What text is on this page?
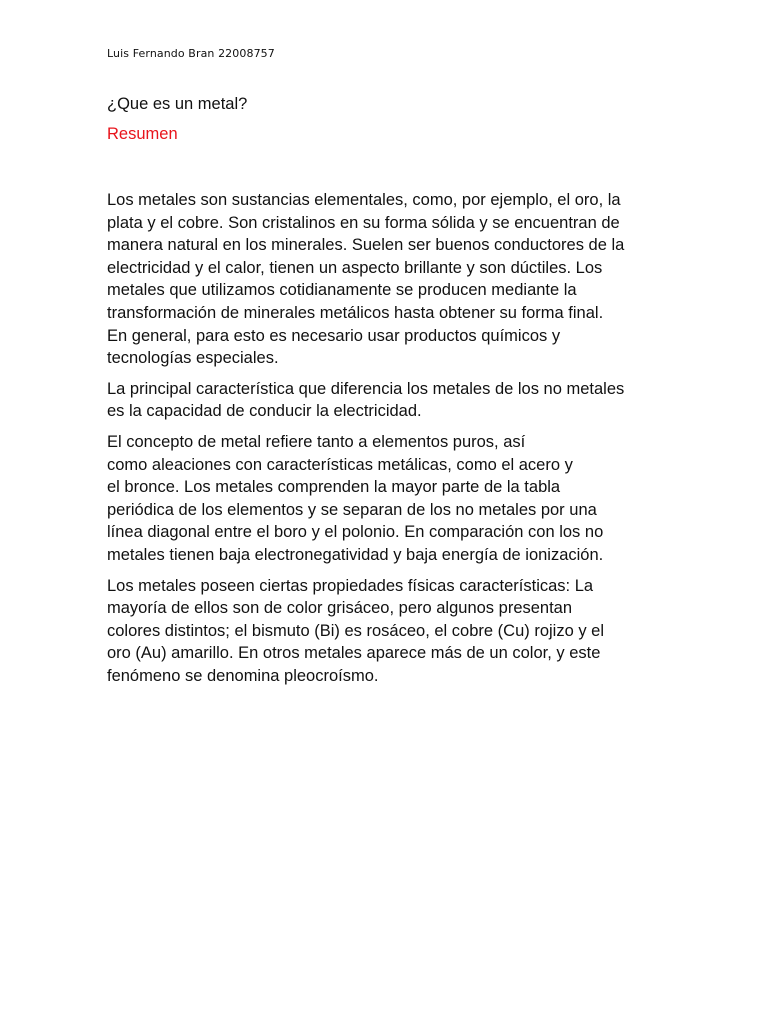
Luis Fernando Bran 22008757
¿Que es un metal?
Resumen

Los metales son sustancias elementales, como, por ejemplo, el oro, la
plata y el cobre. Son cristalinos en su forma sólida y se encuentran de
manera natural en los minerales. Suelen ser buenos conductores de la
electricidad y el calor, tienen un aspecto brillante y son dúctiles. Los
metales que utilizamos cotidianamente se producen mediante la
transformación de minerales metálicos hasta obtener su forma final.
En general, para esto es necesario usar productos químicos y
tecnologías especiales.

La principal característica que diferencia los metales de los no metales
es la capacidad de conducir la electricidad.

El concepto de metal refiere tanto a elementos puros, así
como aleaciones con características metálicas, como el acero y
el bronce. Los metales comprenden la mayor parte de la tabla
periódica de los elementos y se separan de los no metales por una
línea diagonal entre el boro y el polonio. En comparación con los no
metales tienen baja electronegatividad y baja energía de ionización.

Los metales poseen ciertas propiedades físicas características: La
mayoría de ellos son de color grisáceo, pero algunos presentan
colores distintos; el bismuto (Bi) es rosáceo, el cobre (Cu) rojizo y el
oro (Au) amarillo. En otros metales aparece más de un color, y este
fenómeno se denomina pleocroísmo.
